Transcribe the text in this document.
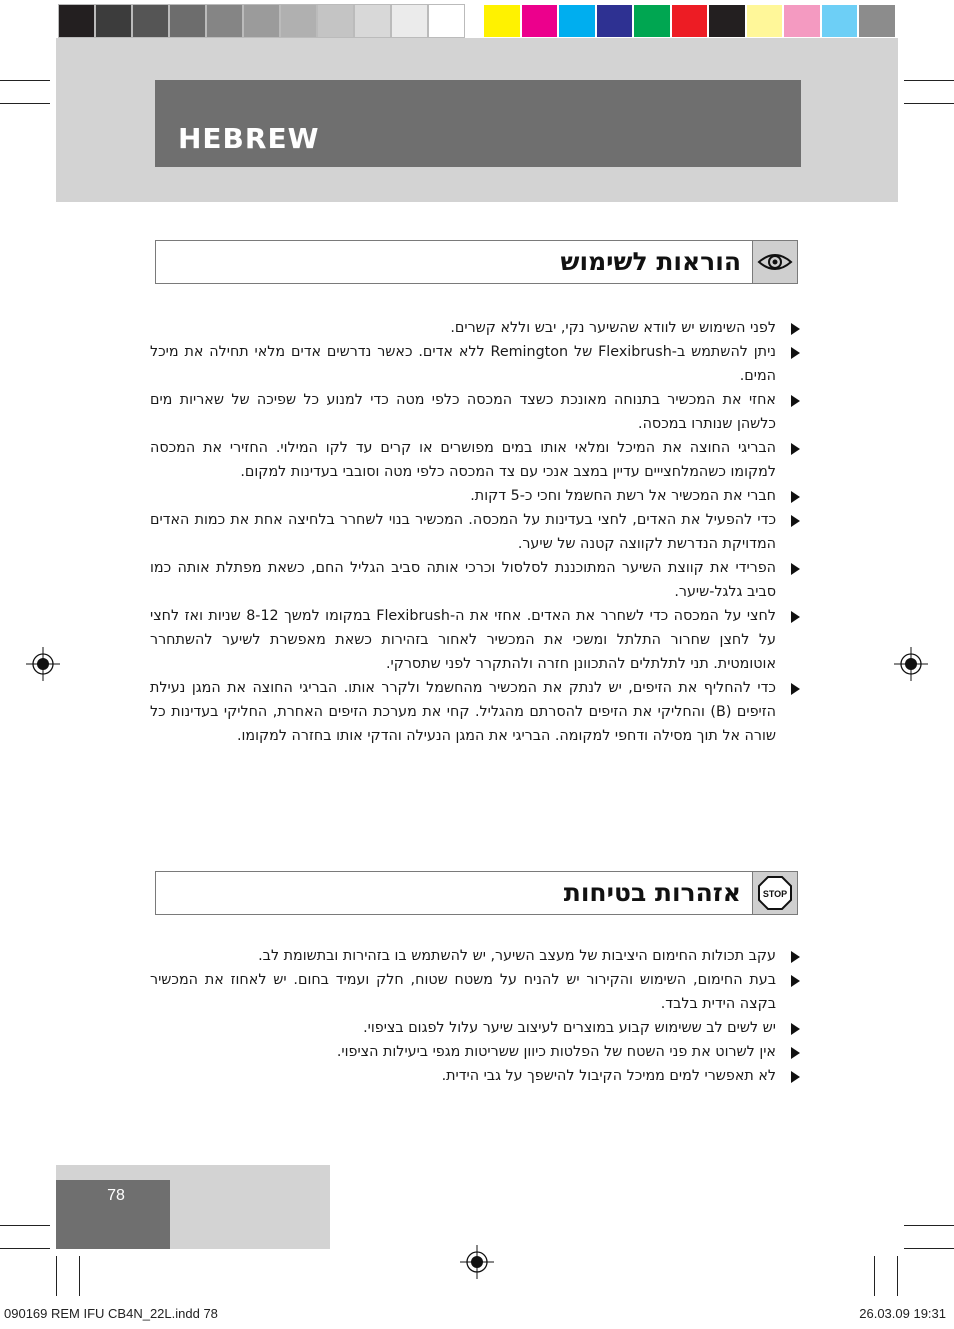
HEBREW
הוראות לשימוש
לפני השימוש יש לוודא שהשיער נקי, יבש וללא קשרים.
ניתן להשתמש ב-Flexibrush של Remington ללא אדים. כאשר נדרשים אדים מלאי תחילה את מיכל המים.
אחזי את המכשיר בתנוחה מאונכת כשצד המכסה כלפי מטה כדי למנוע כל שפיכה של שאריות מים כלשהן שנותרו במכסה.
הבריגי החוצה את המיכל ומלאי אותו במים מפושרים או קרים עד לקו המילוי. החזירי את המכסה למקומו כשהמלחצייים עדיין במצב אנכי עם צד המכסה כלפי מטה וסובבי בעדינות למקום.
חברי את המכשיר אל רשת החשמל וחכי כ-5 דקות.
כדי להפעיל את האדים, לחצי בעדינות על המכסה. המכשיר בנוי לשחרר בלחיצה אחת את כמות האדים המדויקת הנדרשת לקווצה קטנה של שיער.
הפרידי את קווצת השיער המתוכננת לסלסול וכרכי אותה סביב הגליל החם, כשאת מפתלת אותה כמו סביב גלגל-שיער.
לחצי על המכסה כדי לשחרר את האדים. אחזי את ה-Flexibrush במקומו למשך 8-12 שניות ואז לחצי על לחצן שחרור התלתל ומשכי את המכשיר לאחור בזהירות כשאת מאפשרת לשיער להשתחרר אוטומטית. תני לתלתלים להתכוונן חזרה ולהתקרר לפני שתסרקי.
כדי להחליף את הזיפים, יש לנתק את המכשיר מהחשמל ולקרר אותו. הבריגי החוצה את המגן נעילת הזיפים (B) והחליקי את הזיפים להסרתם מהגליל. קחי את מערכת הזיפים האחרת, החליקי בעדינות כל שורה אל תוך מסילה ודחפי למקומה. הבריגי את המגן הנעילה והדקי אותו בחזרה למקומו.
אזהרות בטיחות STOP
עקב תכולות החימום היציבות של מעצב השיער, יש להשתמש בו בזהירות ובתשומת לב.
בעת החימום, השימוש והקירור יש להניח על משטח שטוח, חלק ועמיד בחום. יש לאחוז את המכשיר בקצה הידית בלבד.
יש לשים לב ששימוש קבוע במוצרים לעיצוב שיער עלול לפגום בציפוי.
אין לשרוט את פני השטח של הפלטות כיוון ששריטות מגפי ביעילות הציפוי.
לא תאפשרי למים ממיכל הקיבול להישפך על גבי הידית.
78
090169 REM IFU CB4N_22L.indd 78	26.03.09 19:31
